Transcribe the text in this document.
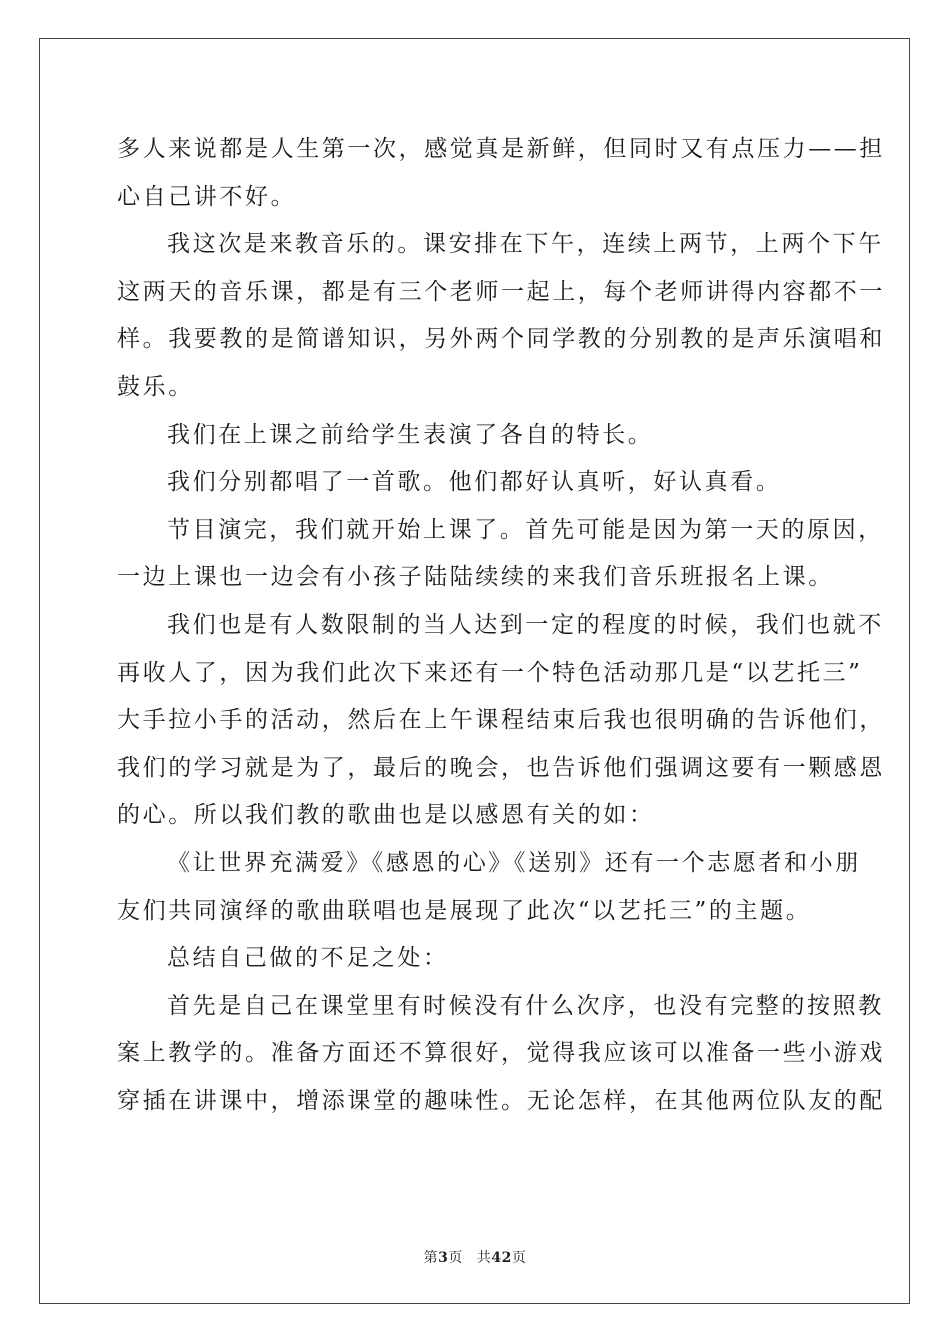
多人来说都是人生第一次，感觉真是新鲜，但同时又有点压力——担
心自己讲不好。
我这次是来教音乐的。课安排在下午，连续上两节，上两个下午
这两天的音乐课，都是有三个老师一起上，每个老师讲得内容都不一
样。我要教的是简谱知识，另外两个同学教的分别教的是声乐演唱和
鼓乐。
我们在上课之前给学生表演了各自的特长。
我们分别都唱了一首歌。他们都好认真听，好认真看。
节目演完，我们就开始上课了。首先可能是因为第一天的原因，
一边上课也一边会有小孩子陆陆续续的来我们音乐班报名上课。
我们也是有人数限制的当人达到一定的程度的时候，我们也就不
再收人了，因为我们此次下来还有一个特色活动那几是“以艺托三”
大手拉小手的活动，然后在上午课程结束后我也很明确的告诉他们，
我们的学习就是为了，最后的晚会，也告诉他们强调这要有一颗感恩
的心。所以我们教的歌曲也是以感恩有关的如：
《让世界充满爱》《感恩的心》《送别》还有一个志愿者和小朋
友们共同演绎的歌曲联唱也是展现了此次“以艺托三”的主题。
总结自己做的不足之处：
首先是自己在课堂里有时候没有什么次序，也没有完整的按照教
案上教学的。准备方面还不算很好，觉得我应该可以准备一些小游戏
穿插在讲课中，增添课堂的趣味性。无论怎样，在其他两位队友的配
第3页 共42页
